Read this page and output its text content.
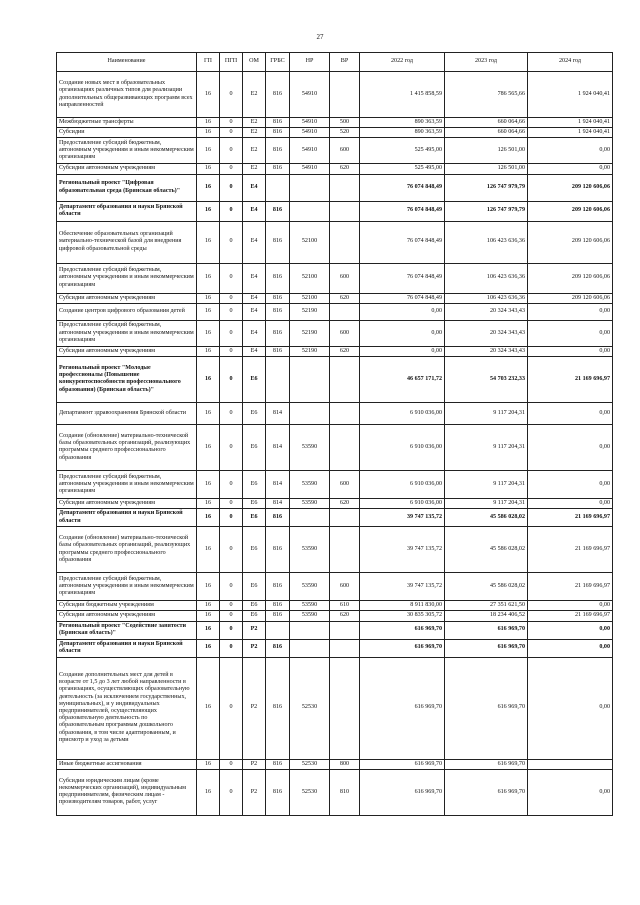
27
Наименование	ГП	ПГП	ОМ	ГРБС	НР	ВР	2022 год	2023 год	2024 год
Создание новых мест в образовательных организациях различных типов для реализации дополнительных общеразвивающих программ всех направленностей	16	0	Е2	816	54910		1 415 858,59	786 565,66	1 924 040,41
Межбюджетные трансферты	16	0	Е2	816	54910	500	890 363,59	660 064,66	1 924 040,41
Субсидии	16	0	Е2	816	54910	520	890 363,59	660 064,66	1 924 040,41
Предоставление субсидий бюджетным, автономным учреждениям и иным некоммерческим организациям	16	0	Е2	816	54910	600	525 495,00	126 501,00	0,00
Субсидии автономным учреждениям	16	0	Е2	816	54910	620	525 495,00	126 501,00	0,00
Региональный проект "Цифровая образовательная среда (Брянская область)"	16	0	Е4				76 074 848,49	126 747 979,79	209 120 606,06
Департамент образования и науки Брянской области	16	0	Е4	816			76 074 848,49	126 747 979,79	209 120 606,06
Обеспечение образовательных организаций материально-технической базой для внедрения цифровой образовательной среды	16	0	Е4	816	52100		76 074 848,49	106 423 636,36	209 120 606,06
Предоставление субсидий бюджетным, автономным учреждениям и иным некоммерческим организациям	16	0	Е4	816	52100	600	76 074 848,49	106 423 636,36	209 120 606,06
Субсидии автономным учреждениям	16	0	Е4	816	52100	620	76 074 848,49	106 423 636,36	209 120 606,06
Создание центров цифрового образования детей	16	0	Е4	816	52190		0,00	20 324 343,43	0,00
Предоставление субсидий бюджетным, автономным учреждениям и иным некоммерческим организациям	16	0	Е4	816	52190	600	0,00	20 324 343,43	0,00
Субсидии автономным учреждениям	16	0	Е4	816	52190	620	0,00	20 324 343,43	0,00
Региональный проект "Молодые профессионалы (Повышение конкурентоспособности профессионального образования) (Брянская область)"	16	0	Е6				46 657 171,72	54 703 232,33	21 169 696,97
Департамент здравоохранения Брянской области	16	0	Е6	814			6 910 036,00	9 117 204,31	0,00
Создание (обновление) материально-технической базы образовательных организаций, реализующих программы среднего профессионального образования	16	0	Е6	814	53590		6 910 036,00	9 117 204,31	0,00
Предоставление субсидий бюджетным, автономным учреждениям и иным некоммерческим организациям	16	0	Е6	814	53590	600	6 910 036,00	9 117 204,31	0,00
Субсидии автономным учреждениям	16	0	Е6	814	53590	620	6 910 036,00	9 117 204,31	0,00
Департамент образования и науки Брянской области	16	0	Е6	816			39 747 135,72	45 586 028,02	21 169 696,97
Создание (обновление) материально-технической базы образовательных организаций, реализующих программы среднего профессионального образования	16	0	Е6	816	53590		39 747 135,72	45 586 028,02	21 169 696,97
Предоставление субсидий бюджетным, автономным учреждениям и иным некоммерческим организациям	16	0	Е6	816	53590	600	39 747 135,72	45 586 028,02	21 169 696,97
Субсидии бюджетным учреждениям	16	0	Е6	816	53590	610	8 911 830,00	27 351 621,50	0,00
Субсидии автономным учреждениям	16	0	Е6	816	53590	620	30 835 305,72	18 234 406,52	21 169 696,97
Региональный проект "Содействие занятости (Брянская область)"	16	0	Р2				616 969,70	616 969,70	0,00
Департамент образования и науки Брянской области	16	0	Р2	816			616 969,70	616 969,70	0,00
Создание дополнительных мест для детей в возрасте от 1,5 до 3 лет любой направленности в организациях, осуществляющих образовательную деятельность (за исключением государственных, муниципальных), и у индивидуальных предпринимателей, осуществляющих образовательную деятельность по образовательным программам дошкольного образования, в том числе адаптированным, и присмотр и уход за детьми	16	0	Р2	816	52530		616 969,70	616 969,70	0,00
Иные бюджетные ассигнования	16	0	Р2	816	52530	800	616 969,70	616 969,70	
Субсидии юридическим лицам (кроме некоммерческих организаций), индивидуальным предпринимателям, физическим лицам - производителям товаров, работ, услуг	16	0	Р2	816	52530	810	616 969,70	616 969,70	0,00
